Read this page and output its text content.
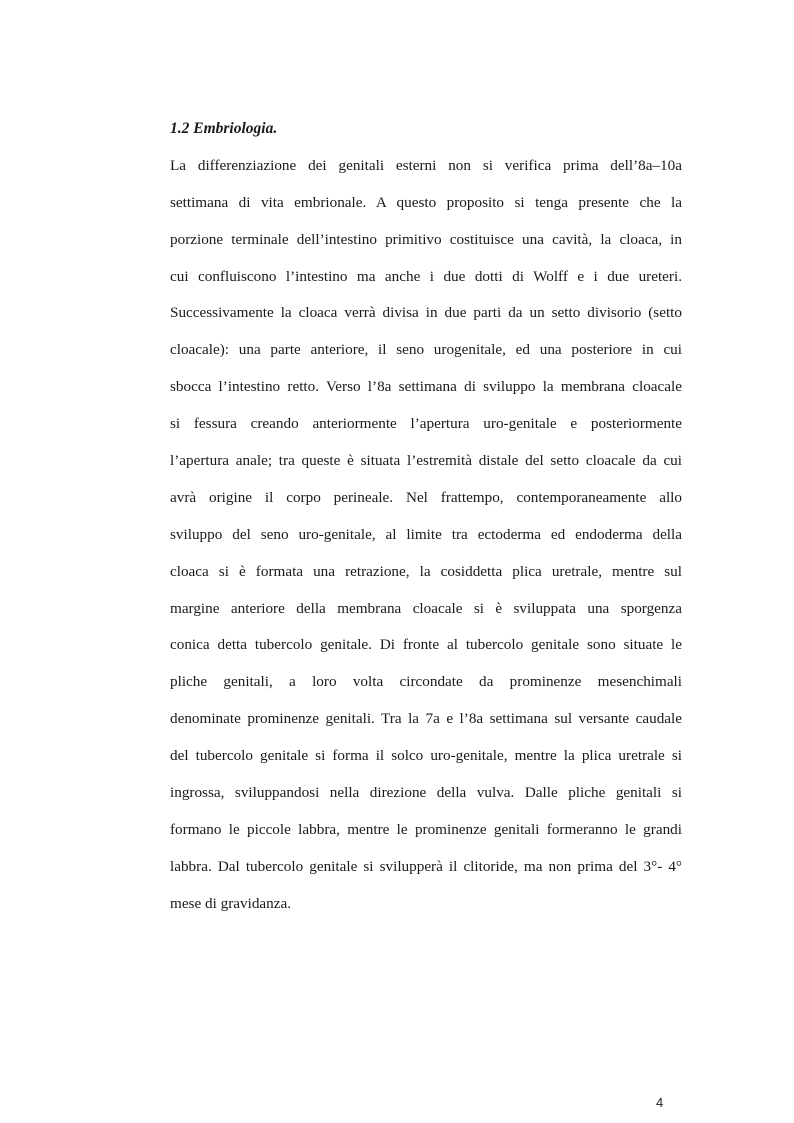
1.2 Embriologia.

La differenziazione dei genitali esterni non si verifica prima dell’8a–10a
settimana di vita embrionale. A questo proposito si tenga presente che la
porzione terminale dell’intestino primitivo costituisce una cavità, la cloaca, in
cui confluiscono l’intestino ma anche i due dotti di Wolff e i due ureteri.
Successivamente la cloaca verrà divisa in due parti da un setto divisorio (setto
cloacale): una parte anteriore, il seno urogenitale, ed una posteriore in cui
sbocca l’intestino retto. Verso l’8a settimana di sviluppo la membrana cloacale
si fessura creando anteriormente l’apertura uro-genitale e posteriormente
l’apertura anale; tra queste è situata l’estremità distale del setto cloacale da cui
avrà origine il corpo perineale. Nel frattempo, contemporaneamente allo
sviluppo del seno uro-genitale, al limite tra ectoderma ed endoderma della
cloaca si è formata una retrazione, la cosiddetta plica uretrale, mentre sul
margine anteriore della membrana cloacale si è sviluppata una sporgenza
conica detta tubercolo genitale. Di fronte al tubercolo genitale sono situate le
pliche genitali, a loro volta circondate da prominenze mesenchimali
denominate prominenze genitali. Tra la 7a e l’8a settimana sul versante caudale
del tubercolo genitale si forma il solco uro-genitale, mentre la plica uretrale si
ingrossa, sviluppandosi nella direzione della vulva. Dalle pliche genitali si
formano le piccole labbra, mentre le prominenze genitali formeranno le grandi
labbra. Dal tubercolo genitale si svilupperà il clitoride, ma non prima del 3°- 4°
mese di gravidanza.

4
